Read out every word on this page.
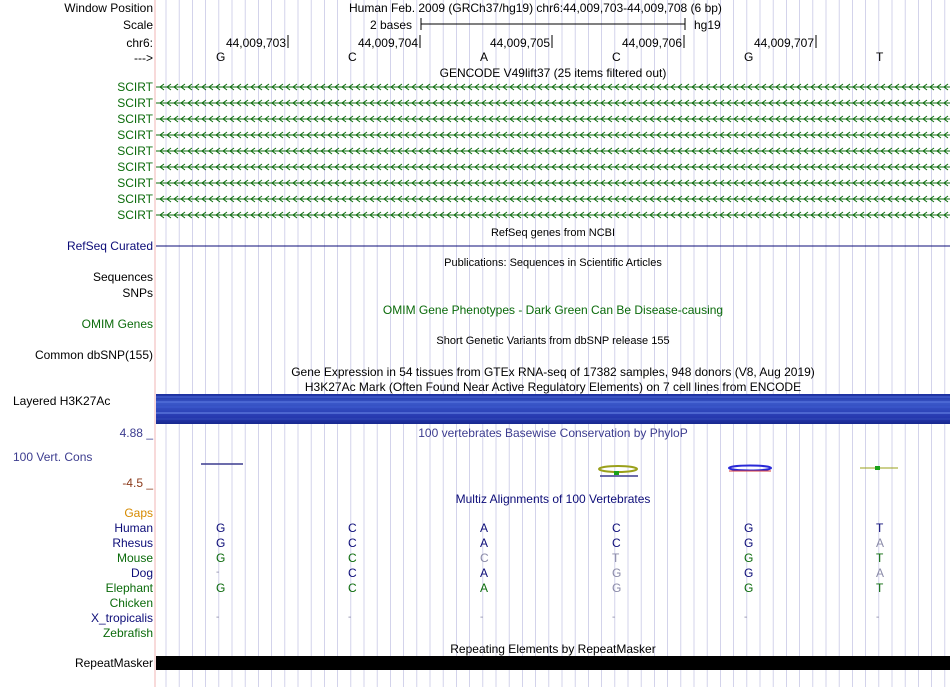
Window Position	Human Feb. 2009 (GRCh37/hg19) chr6:44,009,703-44,009,708 (6 bp)
Scale	2 bases	hg19
chr6:	44,009,703	44,009,704	44,009,705	44,009,706	44,009,707
--->	G	C	A	C	G	T
GENCODE V49lift37 (25 items filtered out)
SCIRT
SCIRT
SCIRT
SCIRT
SCIRT
SCIRT
SCIRT
SCIRT
SCIRT
RefSeq genes from NCBI
RefSeq Curated
Publications: Sequences in Scientific Articles
Sequences
SNPs
OMIM Gene Phenotypes - Dark Green Can Be Disease-causing
OMIM Genes
Short Genetic Variants from dbSNP release 155
Common dbSNP(155)
Gene Expression in 54 tissues from GTEx RNA-seq of 17382 samples, 948 donors (V8, Aug 2019)
H3K27Ac Mark (Often Found Near Active Regulatory Elements) on 7 cell lines from ENCODE
Layered H3K27Ac
4.88 _	100 vertebrates Basewise Conservation by PhyloP
100 Vert. Cons
-4.5 _
Multiz Alignments of 100 Vertebrates
Gaps
Human	G	C	A	C	G	T
Rhesus	G	C	A	C	G	A
Mouse	G	C	C	T	G	T
Dog	-	C	A	G	G	A
Elephant	G	C	A	G	G	T
Chicken
X_tropicalis	-	-	-	-	-	-
Zebrafish
Repeating Elements by RepeatMasker
RepeatMasker
